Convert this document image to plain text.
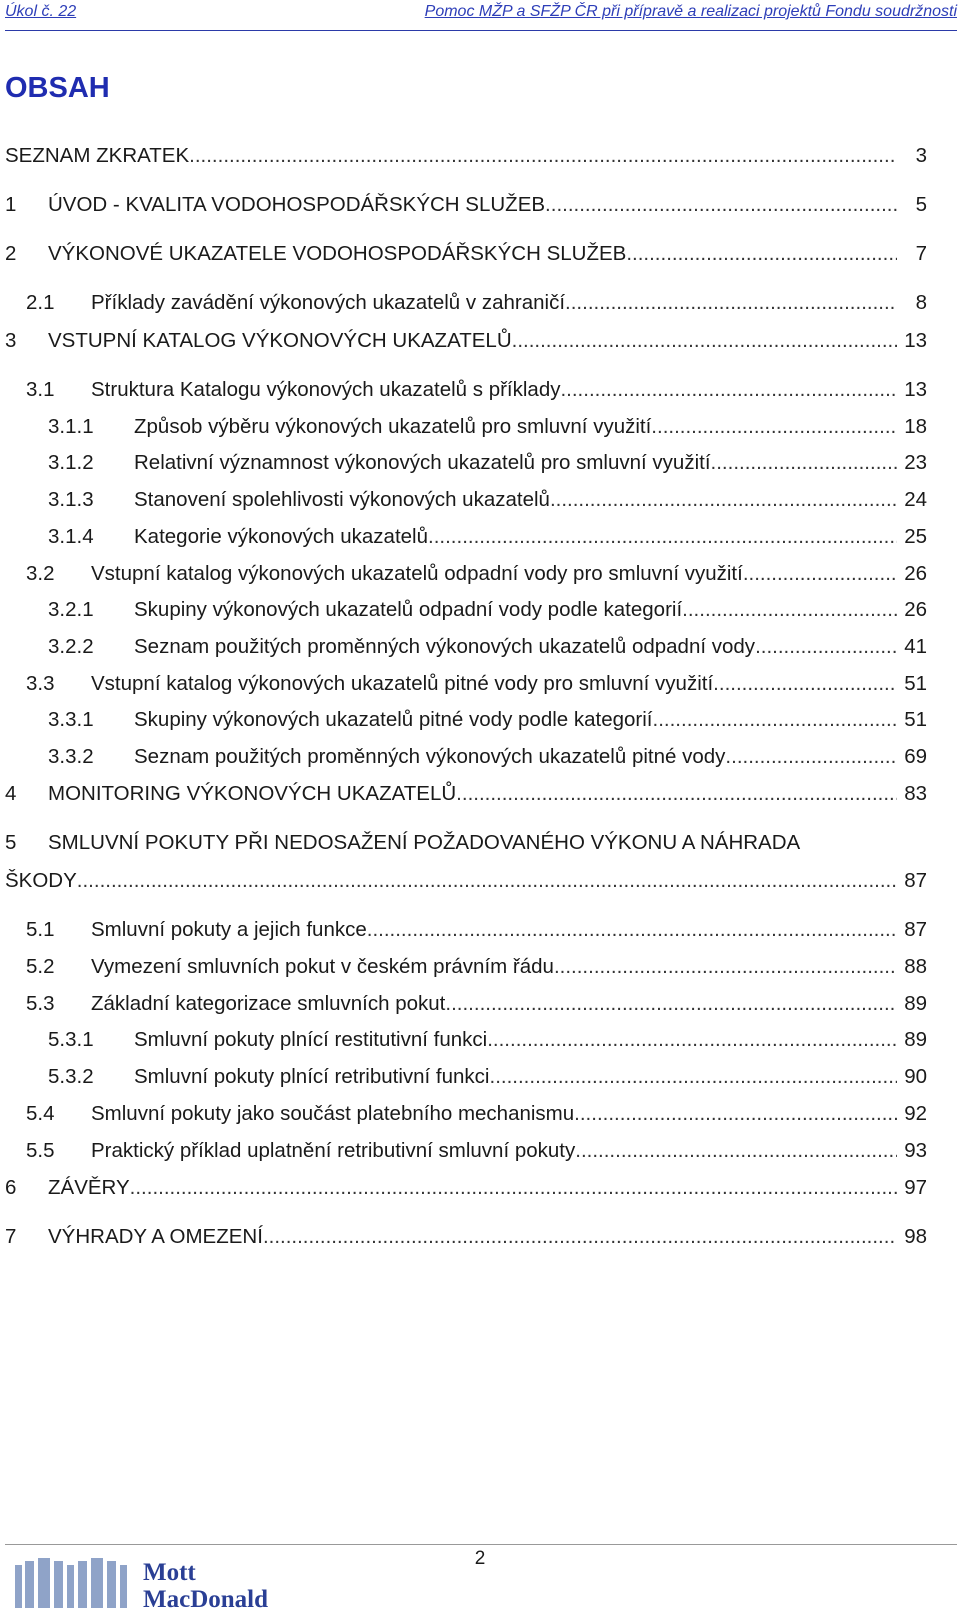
Úkol č. 22	Pomoc MŽP a SFŽP ČR při přípravě a realizaci projektů Fondu soudržnosti
OBSAH
SEZNAM ZKRATEK .....	3
1 ÚVOD - KVALITA VODOHOSPODÁŘSKÝCH SLUŽEB .....	5
2 VÝKONOVÉ UKAZATELE VODOHOSPODÁŘSKÝCH SLUŽEB .....	7
2.1 Příklady zavádění výkonových ukazatelů v zahraničí .....	8
3 VSTUPNÍ KATALOG VÝKONOVÝCH UKAZATELŮ .....	13
3.1 Struktura Katalogu výkonových ukazatelů s příklady .....	13
3.1.1 Způsob výběru výkonových ukazatelů pro smluvní využití .....	18
3.1.2 Relativní významnost výkonových ukazatelů pro smluvní využití .....	23
3.1.3 Stanovení spolehlivosti výkonových ukazatelů .....	24
3.1.4 Kategorie výkonových ukazatelů .....	25
3.2 Vstupní katalog výkonových ukazatelů odpadní vody pro smluvní využití .....	26
3.2.1 Skupiny výkonových ukazatelů odpadní vody podle kategorií .....	26
3.2.2 Seznam použitých proměnných výkonových ukazatelů odpadní vody .....	41
3.3 Vstupní katalog výkonových ukazatelů pitné vody pro smluvní využití .....	51
3.3.1 Skupiny výkonových ukazatelů pitné vody podle kategorií .....	51
3.3.2 Seznam použitých proměnných výkonových ukazatelů pitné vody .....	69
4 MONITORING VÝKONOVÝCH UKAZATELŮ .....	83
5 SMLUVNÍ POKUTY PŘI NEDOSAŽENÍ POŽADOVANÉHO VÝKONU A NÁHRADA
ŠKODY .....	87
5.1 Smluvní pokuty a jejich funkce .....	87
5.2 Vymezení smluvních pokut v českém právním řádu .....	88
5.3 Základní kategorizace smluvních pokut .....	89
5.3.1 Smluvní pokuty plnící restitutivní funkci .....	89
5.3.2 Smluvní pokuty plnící retributivní funkci .....	90
5.4 Smluvní pokuty jako součást platebního mechanismu .....	92
5.5 Praktický příklad uplatnění retributivní smluvní pokuty .....	93
6 ZÁVĚRY .....	97
7 VÝHRADY A OMEZENÍ .....	98
2
Mott
MacDonald
